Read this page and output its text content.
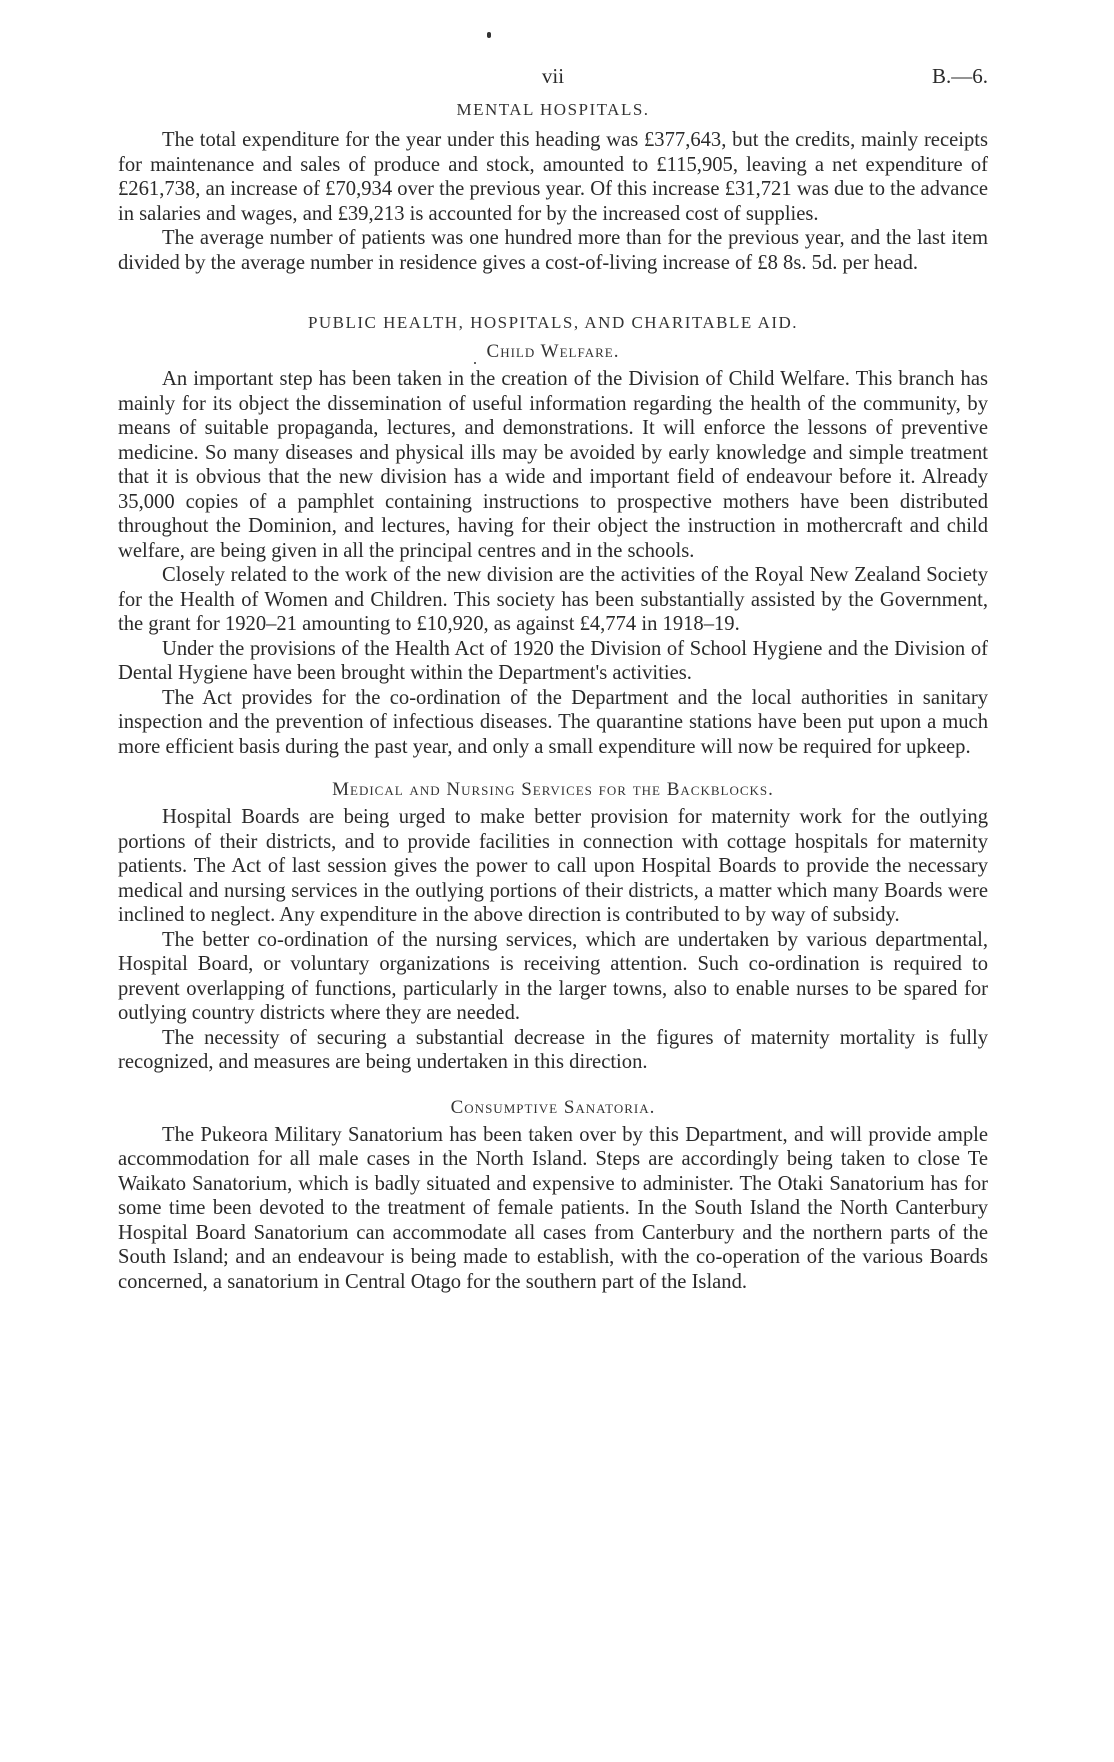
vii	B.—6.
MENTAL HOSPITALS.

The total expenditure for the year under this heading was £377,643, but the credits, mainly receipts for maintenance and sales of produce and stock, amounted to £115,905, leaving a net expenditure of £261,738, an increase of £70,934 over the previous year. Of this increase £31,721 was due to the advance in salaries and wages, and £39,213 is accounted for by the increased cost of supplies.

The average number of patients was one hundred more than for the previous year, and the last item divided by the average number in residence gives a cost-of-living increase of £8 8s. 5d. per head.

PUBLIC HEALTH, HOSPITALS, AND CHARITABLE AID.
Child Welfare.

An important step has been taken in the creation of the Division of Child Welfare. This branch has mainly for its object the dissemination of useful information regarding the health of the community, by means of suitable propaganda, lectures, and demonstrations. It will enforce the lessons of preventive medicine. So many diseases and physical ills may be avoided by early knowledge and simple treatment that it is obvious that the new division has a wide and important field of endeavour before it. Already 35,000 copies of a pamphlet containing instructions to prospective mothers have been distributed throughout the Dominion, and lectures, having for their object the instruction in mothercraft and child welfare, are being given in all the principal centres and in the schools.

Closely related to the work of the new division are the activities of the Royal New Zealand Society for the Health of Women and Children. This society has been substantially assisted by the Government, the grant for 1920–21 amounting to £10,920, as against £4,774 in 1918–19.

Under the provisions of the Health Act of 1920 the Division of School Hygiene and the Division of Dental Hygiene have been brought within the Department's activities.

The Act provides for the co-ordination of the Department and the local authorities in sanitary inspection and the prevention of infectious diseases. The quarantine stations have been put upon a much more efficient basis during the past year, and only a small expenditure will now be required for upkeep.

Medical and Nursing Services for the Backblocks.

Hospital Boards are being urged to make better provision for maternity work for the outlying portions of their districts, and to provide facilities in connection with cottage hospitals for maternity patients. The Act of last session gives the power to call upon Hospital Boards to provide the necessary medical and nursing services in the outlying portions of their districts, a matter which many Boards were inclined to neglect. Any expenditure in the above direction is contributed to by way of subsidy.

The better co-ordination of the nursing services, which are undertaken by various departmental, Hospital Board, or voluntary organizations is receiving attention. Such co-ordination is required to prevent overlapping of functions, particularly in the larger towns, also to enable nurses to be spared for outlying country districts where they are needed.

The necessity of securing a substantial decrease in the figures of maternity mortality is fully recognized, and measures are being undertaken in this direction.

Consumptive Sanatoria.

The Pukeora Military Sanatorium has been taken over by this Department, and will provide ample accommodation for all male cases in the North Island. Steps are accordingly being taken to close Te Waikato Sanatorium, which is badly situated and expensive to administer. The Otaki Sanatorium has for some time been devoted to the treatment of female patients. In the South Island the North Canterbury Hospital Board Sanatorium can accommodate all cases from Canterbury and the northern parts of the South Island; and an endeavour is being made to establish, with the co-operation of the various Boards concerned, a sanatorium in Central Otago for the southern part of the Island.
